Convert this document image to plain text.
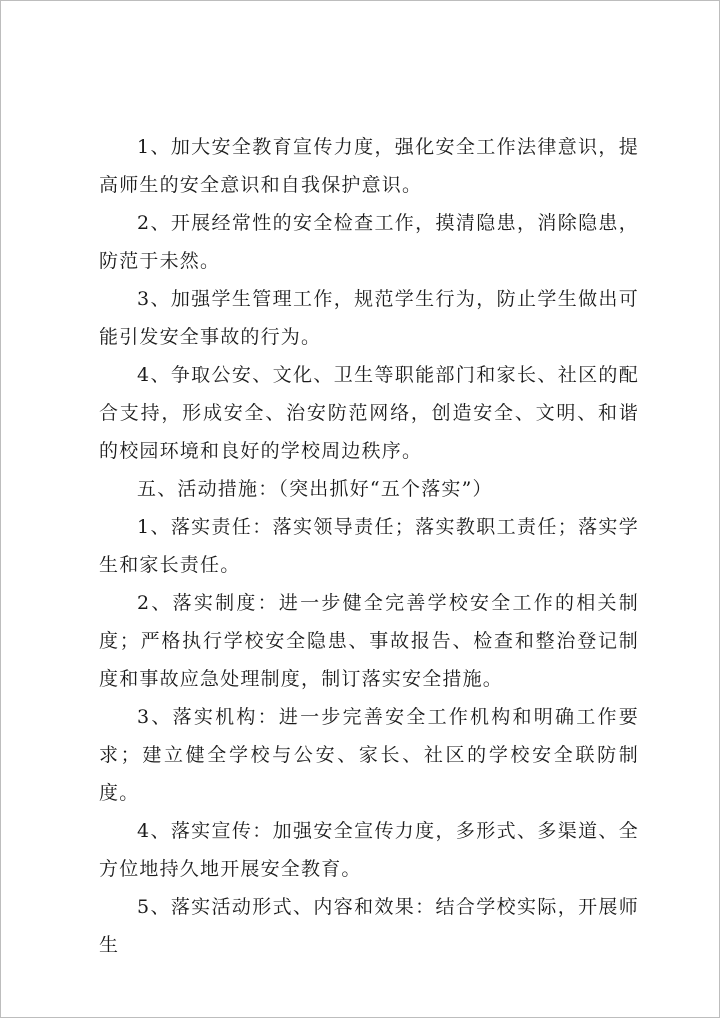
1、加大安全教育宣传力度，强化安全工作法律意识，提高师生的安全意识和自我保护意识。

2、开展经常性的安全检查工作，摸清隐患，消除隐患，防范于未然。

3、加强学生管理工作，规范学生行为，防止学生做出可能引发安全事故的行为。

4、争取公安、文化、卫生等职能部门和家长、社区的配合支持，形成安全、治安防范网络，创造安全、文明、和谐的校园环境和良好的学校周边秩序。

五、活动措施：（突出抓好“五个落实”）

1、落实责任：落实领导责任；落实教职工责任；落实学生和家长责任。

2、落实制度：进一步健全完善学校安全工作的相关制度；严格执行学校安全隐患、事故报告、检查和整治登记制度和事故应急处理制度，制订落实安全措施。

3、落实机构：进一步完善安全工作机构和明确工作要求；建立健全学校与公安、家长、社区的学校安全联防制度。

4、落实宣传：加强安全宣传力度，多形式、多渠道、全方位地持久地开展安全教育。

5、落实活动形式、内容和效果：结合学校实际，开展师生
